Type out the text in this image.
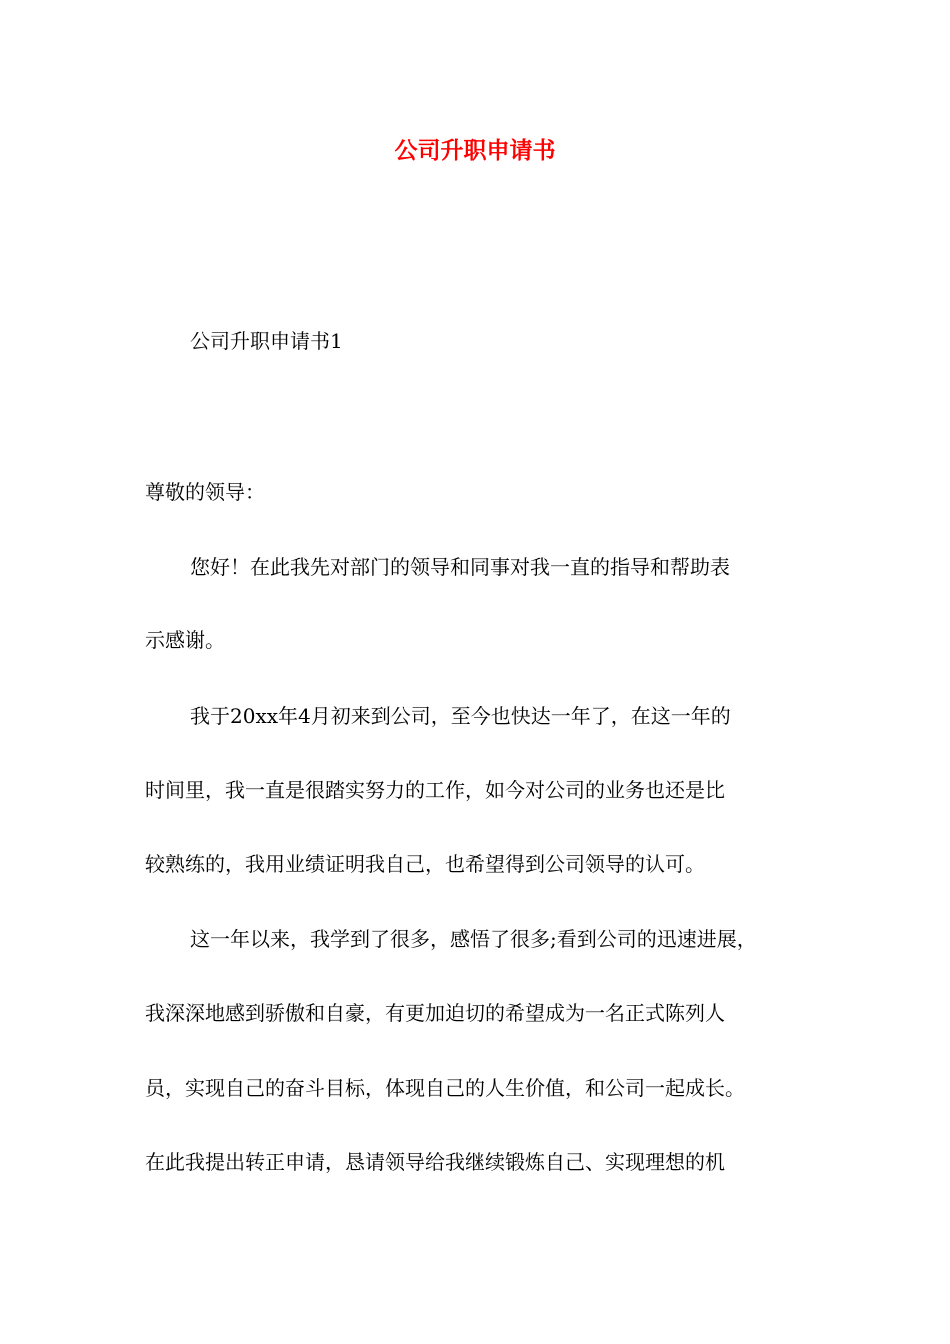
公司升职申请书

公司升职申请书1

尊敬的领导：

您好！在此我先对部门的领导和同事对我一直的指导和帮助表

示感谢。

我于20xx年4月初来到公司，至今也快达一年了，在这一年的

时间里，我一直是很踏实努力的工作，如今对公司的业务也还是比

较熟练的，我用业绩证明我自己，也希望得到公司领导的认可。

这一年以来，我学到了很多，感悟了很多;看到公司的迅速进展，

我深深地感到骄傲和自豪，有更加迫切的希望成为一名正式陈列人

员，实现自己的奋斗目标，体现自己的人生价值，和公司一起成长。

在此我提出转正申请，恳请领导给我继续锻炼自己、实现理想的机
